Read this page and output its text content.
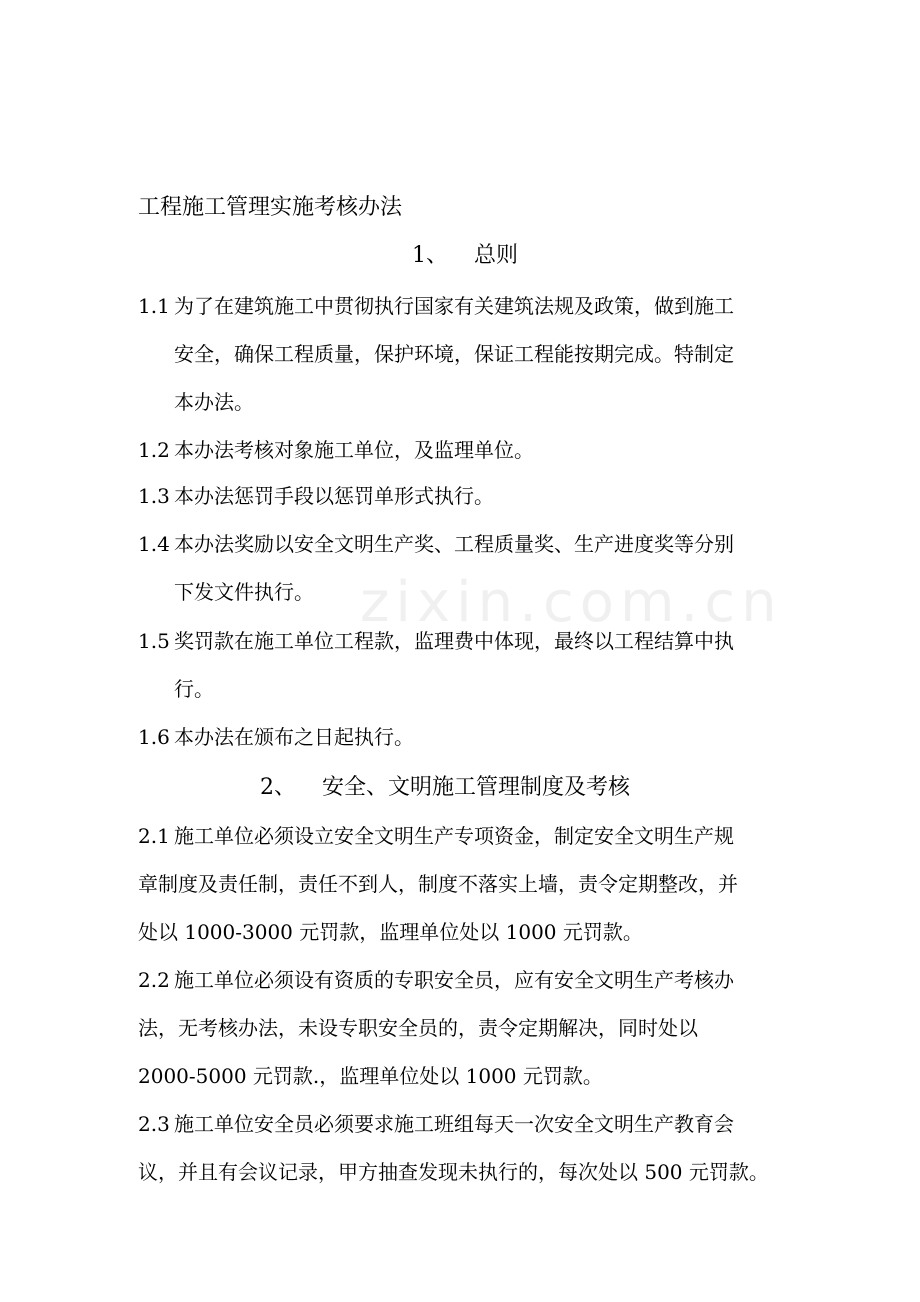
zixin.com.cn
工程施工管理实施考核办法
1、 总则
1.1 为了在建筑施工中贯彻执行国家有关建筑法规及政策，做到施工
安全，确保工程质量，保护环境，保证工程能按期完成。特制定
本办法。
1.2 本办法考核对象施工单位，及监理单位。
1.3 本办法惩罚手段以惩罚单形式执行。
1.4 本办法奖励以安全文明生产奖、工程质量奖、生产进度奖等分别
下发文件执行。
1.5 奖罚款在施工单位工程款，监理费中体现，最终以工程结算中执
行。
1.6 本办法在颁布之日起执行。
2、 安全、文明施工管理制度及考核
2.1 施工单位必须设立安全文明生产专项资金，制定安全文明生产规
章制度及责任制，责任不到人，制度不落实上墙，责令定期整改，并
处以 1000-3000 元罚款，监理单位处以 1000 元罚款。
2.2 施工单位必须设有资质的专职安全员，应有安全文明生产考核办
法，无考核办法，未设专职安全员的，责令定期解决，同时处以
2000-5000 元罚款.，监理单位处以 1000 元罚款。
2.3 施工单位安全员必须要求施工班组每天一次安全文明生产教育会
议，并且有会议记录，甲方抽查发现未执行的，每次处以 500 元罚款。
